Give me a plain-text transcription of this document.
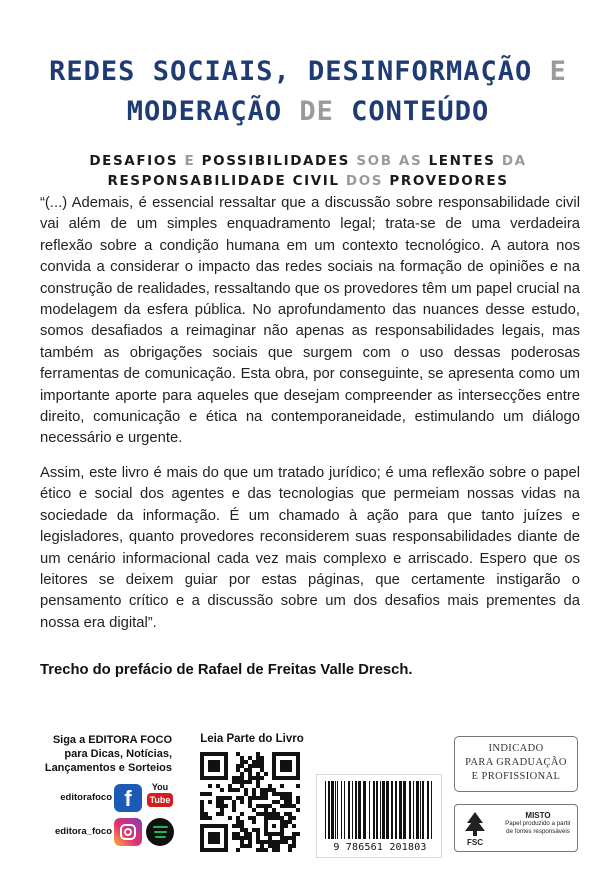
REDES SOCIAIS, DESINFORMAÇÃO E
MODERAÇÃO DE CONTEÚDO
DESAFIOS E POSSIBILIDADES SOB AS LENTES DA
RESPONSABILIDADE CIVIL DOS PROVEDORES

“(...) Ademais, é essencial ressaltar que a discussão sobre responsabilidade civil vai além de um simples enquadramento legal; trata-se de uma verdadeira reflexão sobre a condição humana em um contexto tecnológico. A autora nos convida a considerar o impacto das redes sociais na formação de opiniões e na construção de realidades, ressaltando que os provedores têm um papel crucial na modelagem da esfera pública. No aprofundamento das nuances desse estudo, somos desafiados a reimaginar não apenas as responsabilidades legais, mas também as obrigações sociais que surgem com o uso dessas poderosas ferramentas de comunicação. Esta obra, por conseguinte, se apresenta como um importante aporte para aqueles que desejam compreender as intersecções entre direito, comunicação e ética na contemporaneidade, estimulando um diálogo necessário e urgente.

Assim, este livro é mais do que um tratado jurídico; é uma reflexão sobre o papel ético e social dos agentes e das tecnologias que permeiam nossas vidas na sociedade da informação. É um chamado à ação para que tanto juízes e legisladores, quanto provedores reconsiderem suas responsabilidades diante de um cenário informacional cada vez mais complexo e arriscado. Espero que os leitores se deixem guiar por estas páginas, que certamente instigarão o pensamento crítico e a discussão sobre um dos desafios mais prementes da nossa era digital”.

Trecho do prefácio de Rafael de Freitas Valle Dresch.
Siga a EDITORA FOCO
para Dicas, Notícias,
Lançamentos e Sorteios
editorafoco f	You
Tube
editora_foco
Leia Parte do Livro
9 786561 201803
INDICADO
PARA GRADUAÇÃO
E PROFISSIONAL
FSC
MISTO
Papel produzido a partir
de fontes responsáveis
